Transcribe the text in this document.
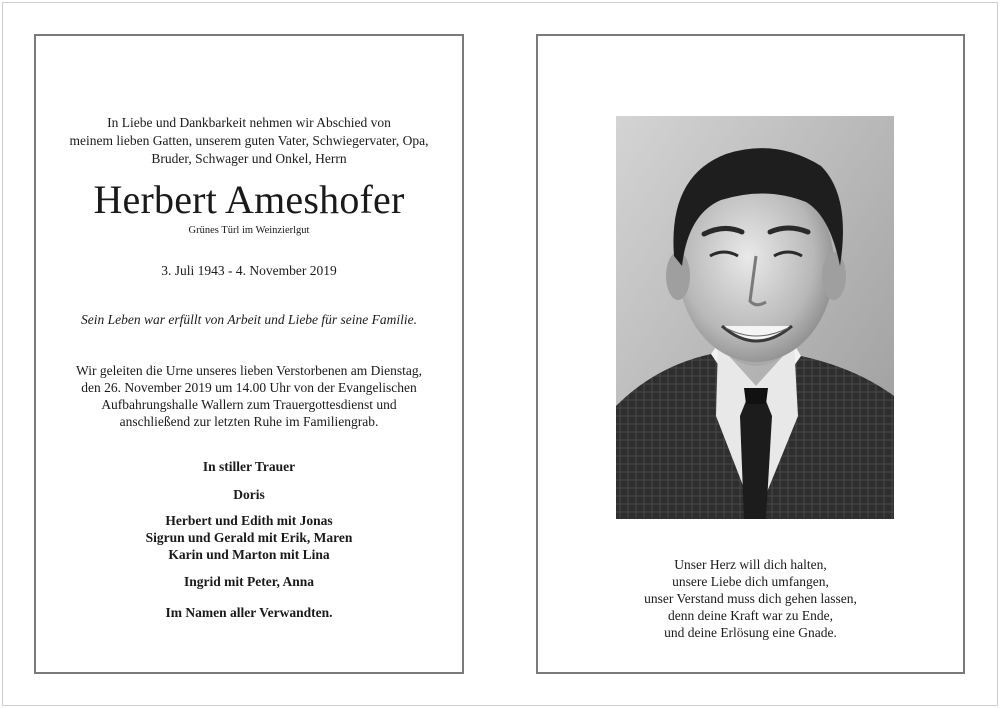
In Liebe und Dankbarkeit nehmen wir Abschied von
meinem lieben Gatten, unserem guten Vater, Schwiegervater, Opa,
Bruder, Schwager und Onkel, Herrn
Herbert Ameshofer
Grünes Türl im Weinzierlgut
3. Juli 1943 - 4. November 2019
Sein Leben war erfüllt von Arbeit und Liebe für seine Familie.
Wir geleiten die Urne unseres lieben Verstorbenen am Dienstag,
den 26. November 2019 um 14.00 Uhr von der Evangelischen
Aufbahrungshalle Wallern zum Trauergottesdienst und
anschließend zur letzten Ruhe im Familiengrab.
In stiller Trauer
Doris
Herbert und Edith mit Jonas
Sigrun und Gerald mit Erik, Maren
Karin und Marton mit Lina
Ingrid mit Peter, Anna
Im Namen aller Verwandten.
Unser Herz will dich halten,
unsere Liebe dich umfangen,
unser Verstand muss dich gehen lassen,
denn deine Kraft war zu Ende,
und deine Erlösung eine Gnade.
